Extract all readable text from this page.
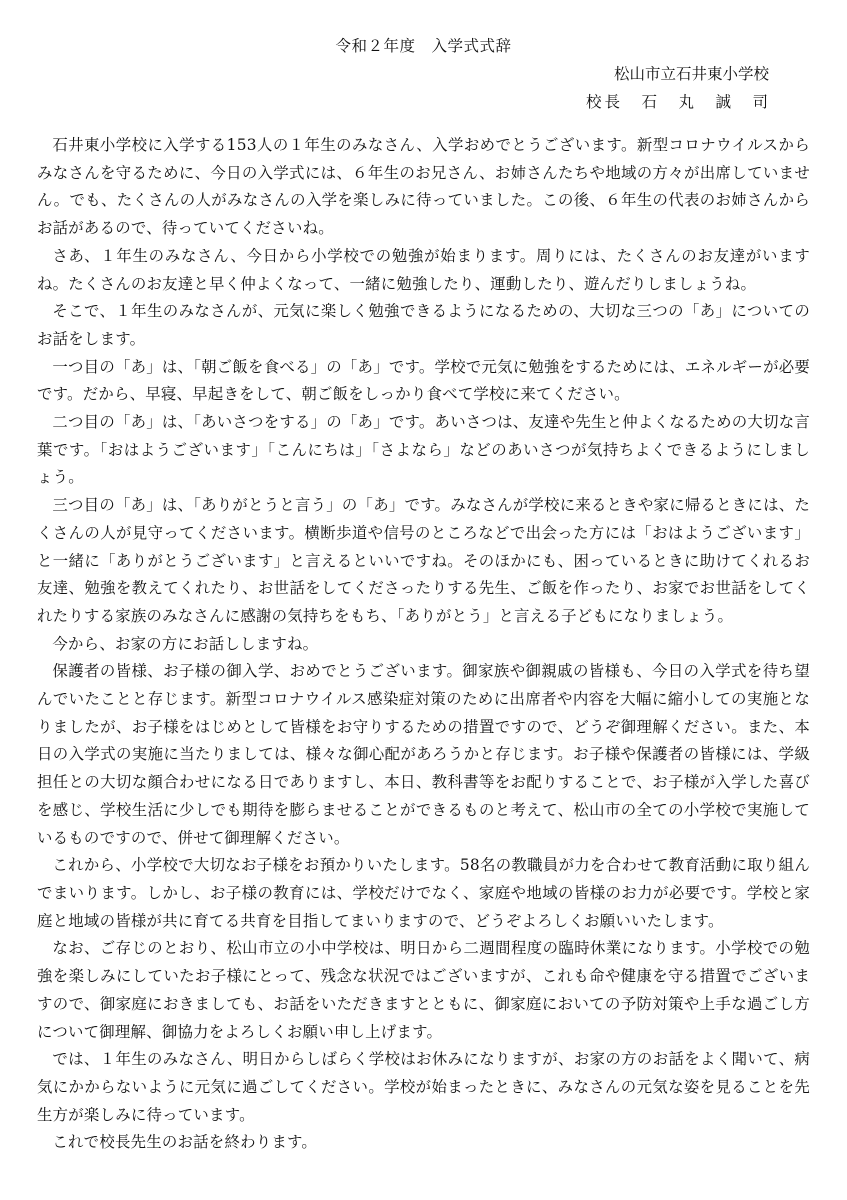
令和２年度　入学式式辞
松山市立石井東小学校
校長　石　丸　誠　司

石井東小学校に入学する153人の１年生のみなさん、入学おめでとうございます。新型コロナウイルスからみなさんを守るために、今日の入学式には、６年生のお兄さん、お姉さんたちや地域の方々が出席していません。でも、たくさんの人がみなさんの入学を楽しみに待っていました。この後、６年生の代表のお姉さんからお話があるので、待っていてくださいね。

さあ、１年生のみなさん、今日から小学校での勉強が始まります。周りには、たくさんのお友達がいますね。たくさんのお友達と早く仲よくなって、一緒に勉強したり、運動したり、遊んだりしましょうね。

そこで、１年生のみなさんが、元気に楽しく勉強できるようになるための、大切な三つの「あ」についてのお話をします。

一つ目の「あ」は、「朝ご飯を食べる」の「あ」です。学校で元気に勉強をするためには、エネルギーが必要です。だから、早寝、早起きをして、朝ご飯をしっかり食べて学校に来てください。

二つ目の「あ」は、「あいさつをする」の「あ」です。あいさつは、友達や先生と仲よくなるための大切な言葉です。「おはようございます」「こんにちは」「さよなら」などのあいさつが気持ちよくできるようにしましょう。

三つ目の「あ」は、「ありがとうと言う」の「あ」です。みなさんが学校に来るときや家に帰るときには、たくさんの人が見守ってくださいます。横断歩道や信号のところなどで出会った方には「おはようございます」と一緒に「ありがとうございます」と言えるといいですね。そのほかにも、困っているときに助けてくれるお友達、勉強を教えてくれたり、お世話をしてくださったりする先生、ご飯を作ったり、お家でお世話をしてくれたりする家族のみなさんに感謝の気持ちをもち、「ありがとう」と言える子どもになりましょう。

今から、お家の方にお話ししますね。

保護者の皆様、お子様の御入学、おめでとうございます。御家族や御親戚の皆様も、今日の入学式を待ち望んでいたことと存じます。新型コロナウイルス感染症対策のために出席者や内容を大幅に縮小しての実施となりましたが、お子様をはじめとして皆様をお守りするための措置ですので、どうぞ御理解ください。また、本日の入学式の実施に当たりましては、様々な御心配があろうかと存じます。お子様や保護者の皆様には、学級担任との大切な顔合わせになる日でありますし、本日、教科書等をお配りすることで、お子様が入学した喜びを感じ、学校生活に少しでも期待を膨らませることができるものと考えて、松山市の全ての小学校で実施しているものですので、併せて御理解ください。

これから、小学校で大切なお子様をお預かりいたします。58名の教職員が力を合わせて教育活動に取り組んでまいります。しかし、お子様の教育には、学校だけでなく、家庭や地域の皆様のお力が必要です。学校と家庭と地域の皆様が共に育てる共育を目指してまいりますので、どうぞよろしくお願いいたします。

なお、ご存じのとおり、松山市立の小中学校は、明日から二週間程度の臨時休業になります。小学校での勉強を楽しみにしていたお子様にとって、残念な状況ではございますが、これも命や健康を守る措置でございますので、御家庭におきましても、お話をいただきますとともに、御家庭においての予防対策や上手な過ごし方について御理解、御協力をよろしくお願い申し上げます。

では、１年生のみなさん、明日からしばらく学校はお休みになりますが、お家の方のお話をよく聞いて、病気にかからないように元気に過ごしてください。学校が始まったときに、みなさんの元気な姿を見ることを先生方が楽しみに待っています。

これで校長先生のお話を終わります。
